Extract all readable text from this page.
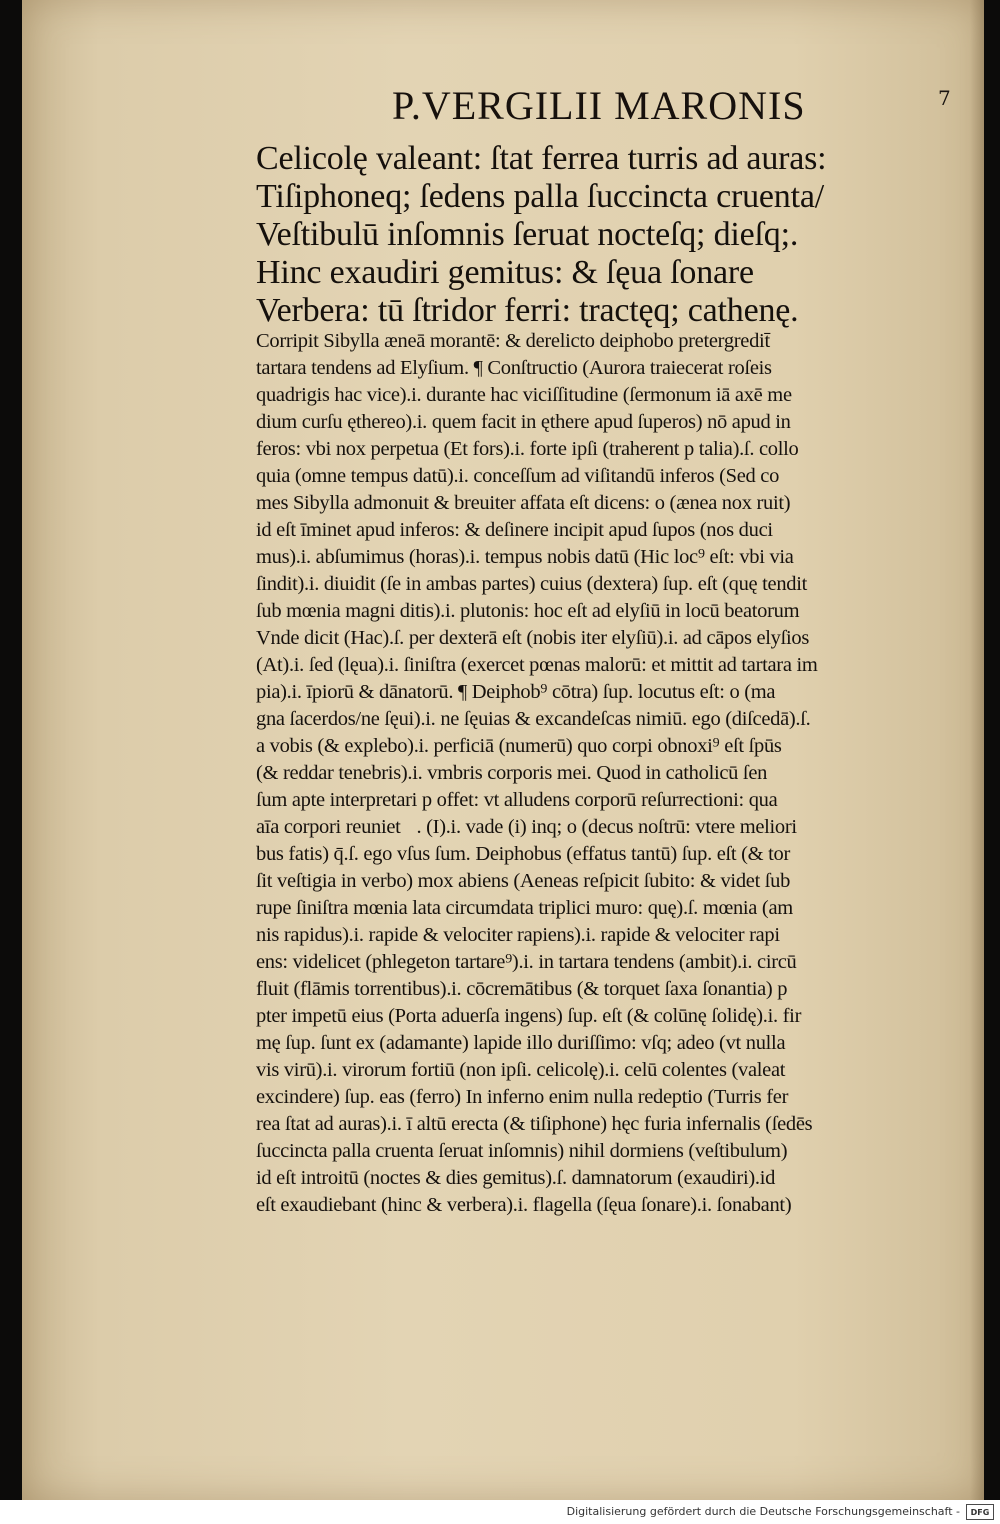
7
P.VERGILII MARONIS
Celicolę valeant: ſtat ferrea turris ad auras:
Tiſiphoneq; ſedens palla ſuccincta cruenta/
Veſtibulū inſomnis ſeruat nocteſq; dieſq;.
Hinc exaudiri gemitus: & ſęua ſonare
Verbera: tū ſtridor ferri: tractęq; cathenę.
Corripit Sibylla æneā morantē: & derelicto deiphobo pretergredit̄
tartara tendens ad Elyſium. ¶ Conſtructio (Aurora traiecerat roſeis
quadrigis hac vice).i. durante hac viciſſitudine (ſermonum iā axē me
dium curſu ęthereo).i. quem facit in ęthere apud ſuperos) nō apud in
feros: vbi nox perpetua (Et fors).i. forte ipſi (traherent p talia).ſ. collo
quia (omne tempus datū).i. conceſſum ad viſitandū inferos (Sed co
mes Sibylla admonuit & breuiter affata eſt dicens: o (ænea nox ruit)
id eſt īminet apud inferos: & deſinere incipit apud ſupos (nos duci
mus).i. abſumimus (horas).i. tempus nobis datū (Hic loc⁹ eſt: vbi via
ſindit).i. diuidit (ſe in ambas partes) cuius (dextera) ſup. eſt (quę tendit
ſub mœnia magni ditis).i. plutonis: hoc eſt ad elyſiū in locū beatorum
Vnde dicit (Hac).ſ. per dexterā eſt (nobis iter elyſiū).i. ad cāpos elyſios
(At).i. ſed (lęua).i. ſiniſtra (exercet pœnas malorū: et mittit ad tartara im
pia).i. īpiorū & dānatorū. ¶ Deiphob⁹ cōtra) ſup. locutus eſt: o (ma
gna ſacerdos/ne ſęui).i. ne ſęuias & excandeſcas nimiū. ego (diſcedā).ſ.
a vobis (& explebo).i. perficiā (numerū) quo corpi obnoxi⁹ eſt ſpūs
(& reddar tenebris).i. vmbris corporis mei. Quod in catholicū ſen
ſum apte interpretari p offet: vt alludens corporū reſurrectioni: qua
aīa corpori reunietᷣ. (I).i. vade (i) inq; o (decus noſtrū: vtere meliori
bus fatis) q̄.ſ. ego vſus ſum. Deiphobus (effatus tantū) ſup. eſt (& tor
ſit veſtigia in verbo) mox abiens (Aeneas reſpicit ſubito: & videt ſub
rupe ſiniſtra mœnia lata circumdata triplici muro: quę).ſ. mœnia (am
nis rapidus).i. rapide & velociter rapiens).i. rapide & velociter rapi
ens: videlicet (phlegeton tartare⁹).i. in tartara tendens (ambit).i. circū
fluit (flāmis torrentibus).i. cōcremātibus (& torquet ſaxa ſonantia) p
pter impetū eius (Porta aduerſa ingens) ſup. eſt (& colūnę ſolidę).i. fir
mę ſup. ſunt ex (adamante) lapide illo duriſſimo: vſq; adeo (vt nulla
vis virū).i. virorum fortiū (non ipſi. celicolę).i. celū colentes (valeat
excindere) ſup. eas (ferro) In inferno enim nulla redeptio (Turris fer
rea ſtat ad auras).i. ī altū erecta (& tiſiphone) hęc furia infernalis (ſedēs
ſuccincta palla cruenta ſeruat inſomnis) nihil dormiens (veſtibulum)
id eſt introitū (noctes & dies gemitus).ſ. damnatorum (exaudiri).id
eſt exaudiebant (hinc & verbera).i. flagella (ſęua ſonare).i. ſonabant)
Digitalisierung gefördert durch die Deutsche Forschungsgemeinschaft -	DFG
